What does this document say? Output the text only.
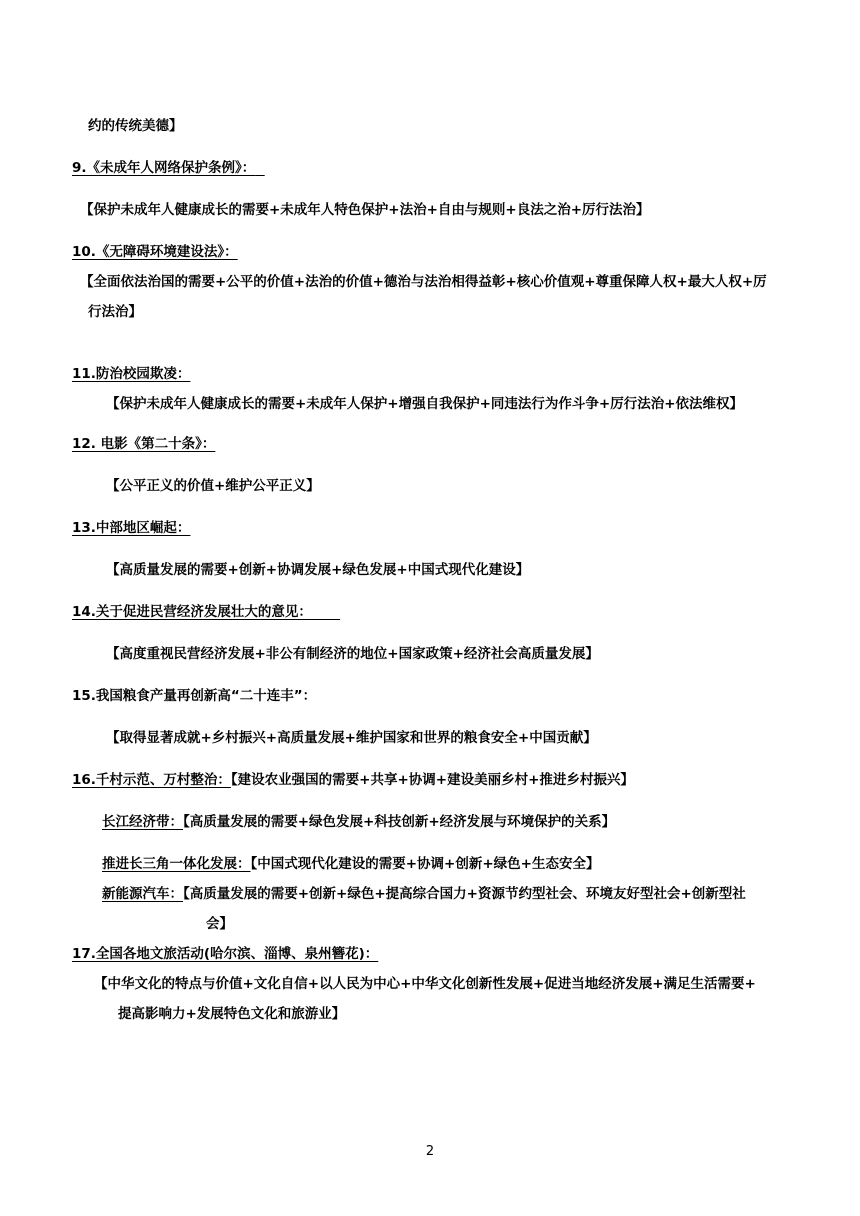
约的传统美德】
9.《未成年人网络保护条例》：
【保护未成年人健康成长的需要+未成年人特色保护+法治+自由与规则+良法之治+厉行法治】
10.《无障碍环境建设法》：
【全面依法治国的需要+公平的价值+法治的价值+德治与法治相得益彰+核心价值观+尊重保障人权+最大人权+厉
行法治】
11.防治校园欺凌：
【保护未成年人健康成长的需要+未成年人保护+增强自我保护+同违法行为作斗争+厉行法治+依法维权】
12. 电影《第二十条》：
【公平正义的价值+维护公平正义】
13.中部地区崛起：
【高质量发展的需要+创新+协调发展+绿色发展+中国式现代化建设】
14.关于促进民营经济发展壮大的意见：
【高度重视民营经济发展+非公有制经济的地位+国家政策+经济社会高质量发展】
15.我国粮食产量再创新高“二十连丰”：
【取得显著成就+乡村振兴+高质量发展+维护国家和世界的粮食安全+中国贡献】
16.千村示范、万村整治：【建设农业强国的需要+共享+协调+建设美丽乡村+推进乡村振兴】
长江经济带：【高质量发展的需要+绿色发展+科技创新+经济发展与环境保护的关系】
推进长三角一体化发展：【中国式现代化建设的需要+协调+创新+绿色+生态安全】
新能源汽车：【高质量发展的需要+创新+绿色+提高综合国力+资源节约型社会、环境友好型社会+创新型社
会】
17.全国各地文旅活动(哈尔滨、淄博、泉州簪花)：
【中华文化的特点与价值+文化自信+以人民为中心+中华文化创新性发展+促进当地经济发展+满足生活需要+
提高影响力+发展特色文化和旅游业】
2
